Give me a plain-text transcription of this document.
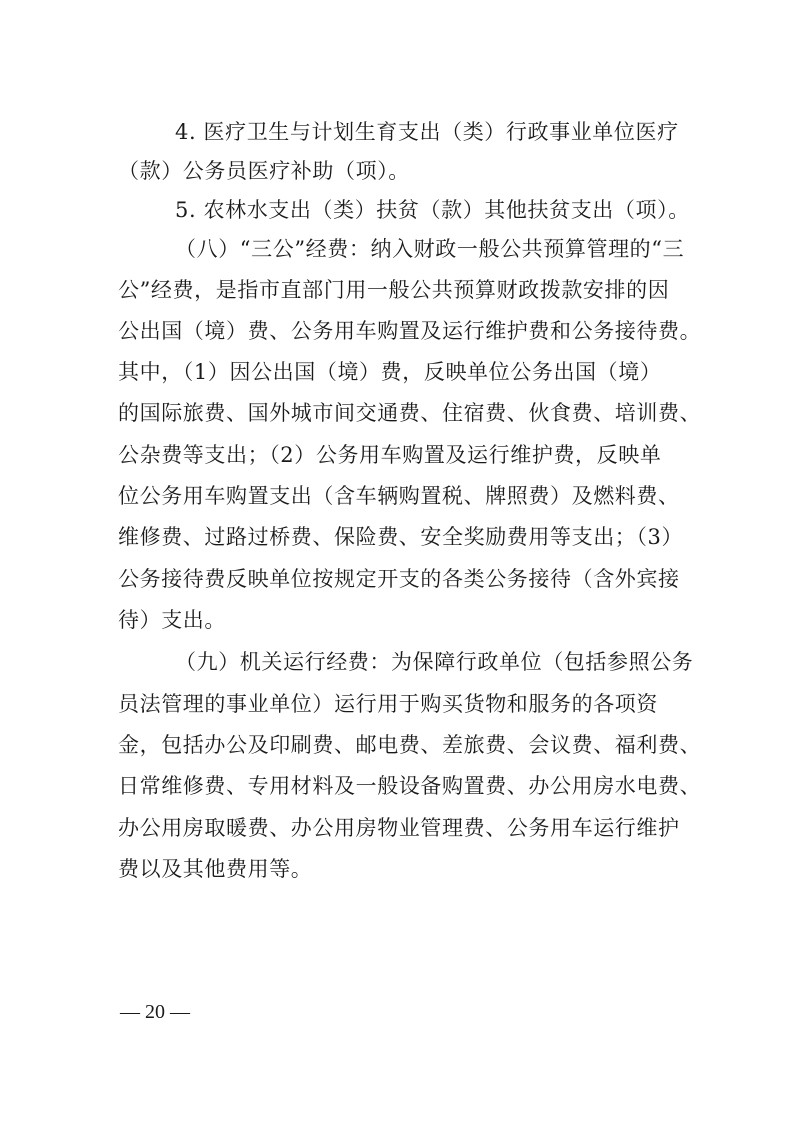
4. 医疗卫生与计划生育支出（类）行政事业单位医疗
（款）公务员医疗补助（项）。
5. 农林水支出（类）扶贫（款）其他扶贫支出（项）。
（八）“三公”经费：纳入财政一般公共预算管理的“三
公”经费，是指市直部门用一般公共预算财政拨款安排的因
公出国（境）费、公务用车购置及运行维护费和公务接待费。
其中，（1）因公出国（境）费，反映单位公务出国（境）
的国际旅费、国外城市间交通费、住宿费、伙食费、培训费、
公杂费等支出；（2）公务用车购置及运行维护费，反映单
位公务用车购置支出（含车辆购置税、牌照费）及燃料费、
维修费、过路过桥费、保险费、安全奖励费用等支出；（3）
公务接待费反映单位按规定开支的各类公务接待（含外宾接
待）支出。
（九）机关运行经费：为保障行政单位（包括参照公务
员法管理的事业单位）运行用于购买货物和服务的各项资
金，包括办公及印刷费、邮电费、差旅费、会议费、福利费、
日常维修费、专用材料及一般设备购置费、办公用房水电费、
办公用房取暖费、办公用房物业管理费、公务用车运行维护
费以及其他费用等。
— 20 —
